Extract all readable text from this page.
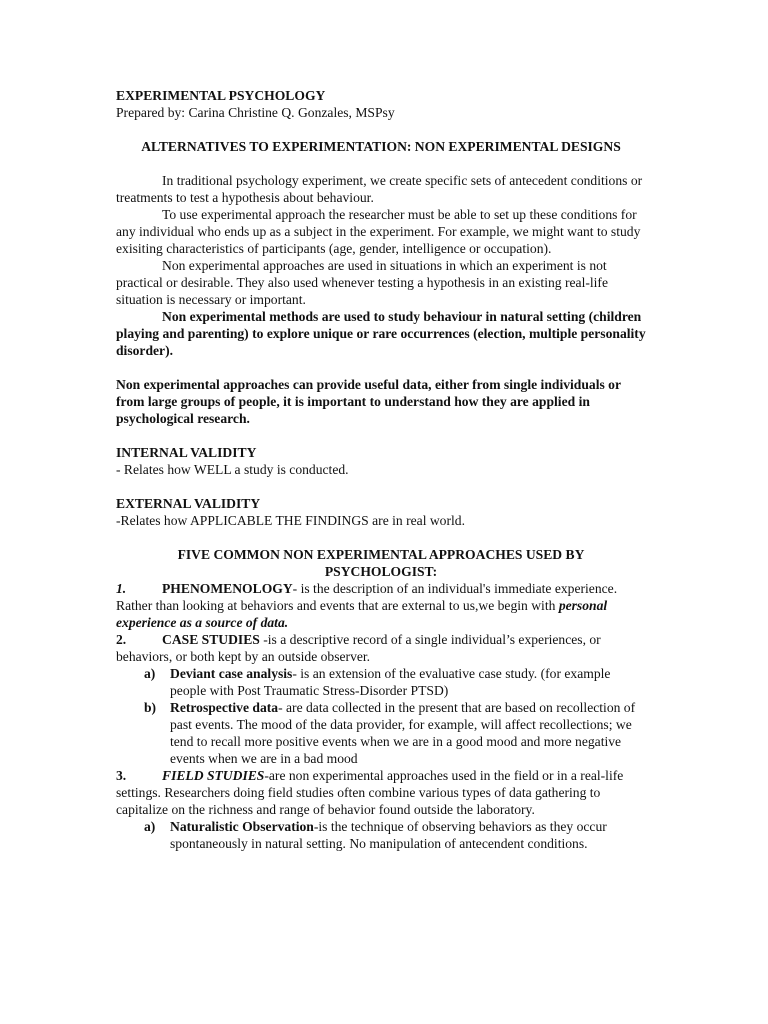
EXPERIMENTAL PSYCHOLOGY

Prepared by: Carina Christine Q. Gonzales, MSPsy

ALTERNATIVES TO EXPERIMENTATION: NON EXPERIMENTAL DESIGNS

In traditional psychology experiment, we create specific sets of antecedent conditions or treatments to test a hypothesis about behaviour.

To use experimental approach the researcher must be able to set up these conditions for any individual who ends up as a subject in the experiment. For example, we might want to study exisiting characteristics of participants (age, gender, intelligence or occupation).

Non experimental approaches are used in situations in which an experiment is not practical or desirable. They also used whenever testing a hypothesis in an existing real-life situation is necessary or important.

Non experimental methods are used to study behaviour in natural setting (children playing and parenting) to explore unique or rare occurrences (election, multiple personality disorder).

Non experimental approaches can provide useful data, either from single individuals or from large groups of people, it is important to understand how they are applied in psychological research.

INTERNAL VALIDITY

- Relates how WELL a study is conducted.

EXTERNAL VALIDITY

-Relates how APPLICABLE THE FINDINGS are in real world.

FIVE COMMON NON EXPERIMENTAL APPROACHES USED BY PSYCHOLOGIST:

1.	PHENOMENOLOGY- is the description of an individual's immediate experience. Rather than looking at behaviors and events that are external to us,we begin with personal experience as a source of data.

2.	CASE STUDIES -is a descriptive record of a single individual’s experiences, or behaviors, or both kept by an outside observer.

a) Deviant case analysis- is an extension of the evaluative case study. (for example people with Post Traumatic Stress-Disorder PTSD)

b) Retrospective data- are data collected in the present that are based on recollection of past events. The mood of the data provider, for example, will affect recollections; we tend to recall more positive events when we are in a good mood and more negative events when we are in a bad mood

3.	FIELD STUDIES-are non experimental approaches used in the field or in a real-life settings. Researchers doing field studies often combine various types of data gathering to capitalize on the richness and range of behavior found outside the laboratory.

a) Naturalistic Observation-is the technique of observing behaviors as they occur spontaneously in natural setting. No manipulation of antecendent conditions.
